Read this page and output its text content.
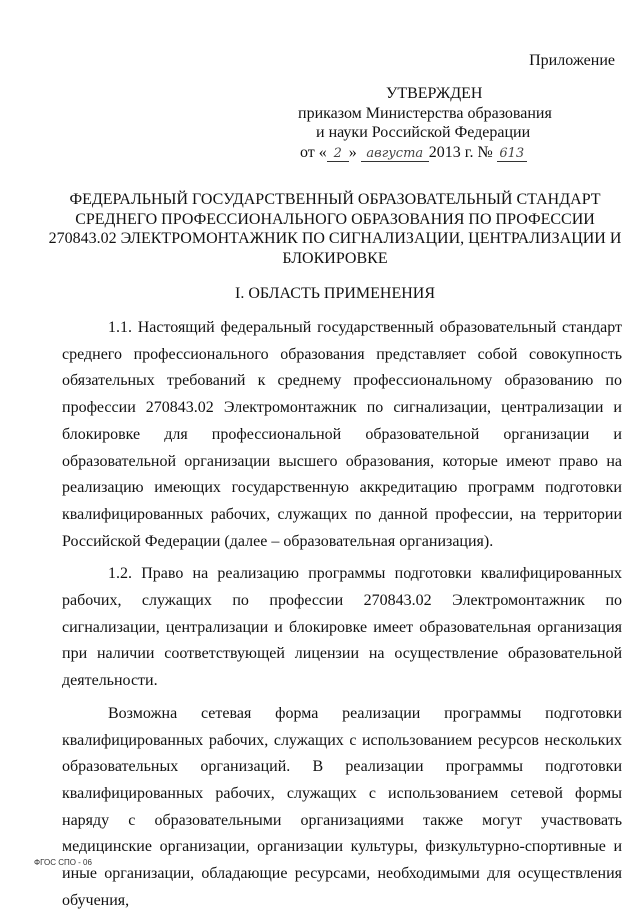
Приложение
УТВЕРЖДЕН
приказом Министерства образования
и науки Российской Федерации
от « 2 » августа 2013 г. № 613
ФЕДЕРАЛЬНЫЙ ГОСУДАРСТВЕННЫЙ ОБРАЗОВАТЕЛЬНЫЙ СТАНДАРТ СРЕДНЕГО ПРОФЕССИОНАЛЬНОГО ОБРАЗОВАНИЯ ПО ПРОФЕССИИ 270843.02 ЭЛЕКТРОМОНТАЖНИК ПО СИГНАЛИЗАЦИИ, ЦЕНТРАЛИЗАЦИИ И БЛОКИРОВКЕ
I. ОБЛАСТЬ ПРИМЕНЕНИЯ

1.1. Настоящий федеральный государственный образовательный стандарт среднего профессионального образования представляет собой совокупность обязательных требований к среднему профессиональному образованию по профессии 270843.02 Электромонтажник по сигнализации, централизации и блокировке для профессиональной образовательной организации и образовательной организации высшего образования, которые имеют право на реализацию имеющих государственную аккредитацию программ подготовки квалифицированных рабочих, служащих по данной профессии, на территории Российской Федерации (далее – образовательная организация).

1.2. Право на реализацию программы подготовки квалифицированных рабочих, служащих по профессии 270843.02 Электромонтажник по сигнализации, централизации и блокировке имеет образовательная организация при наличии соответствующей лицензии на осуществление образовательной деятельности.

Возможна сетевая форма реализации программы подготовки квалифицированных рабочих, служащих с использованием ресурсов нескольких образовательных организаций. В реализации программы подготовки квалифицированных рабочих, служащих с использованием сетевой формы наряду с образовательными организациями также могут участвовать медицинские организации, организации культуры, физкультурно-спортивные и иные организации, обладающие ресурсами, необходимыми для осуществления обучения,

ФГОС СПО - 06
